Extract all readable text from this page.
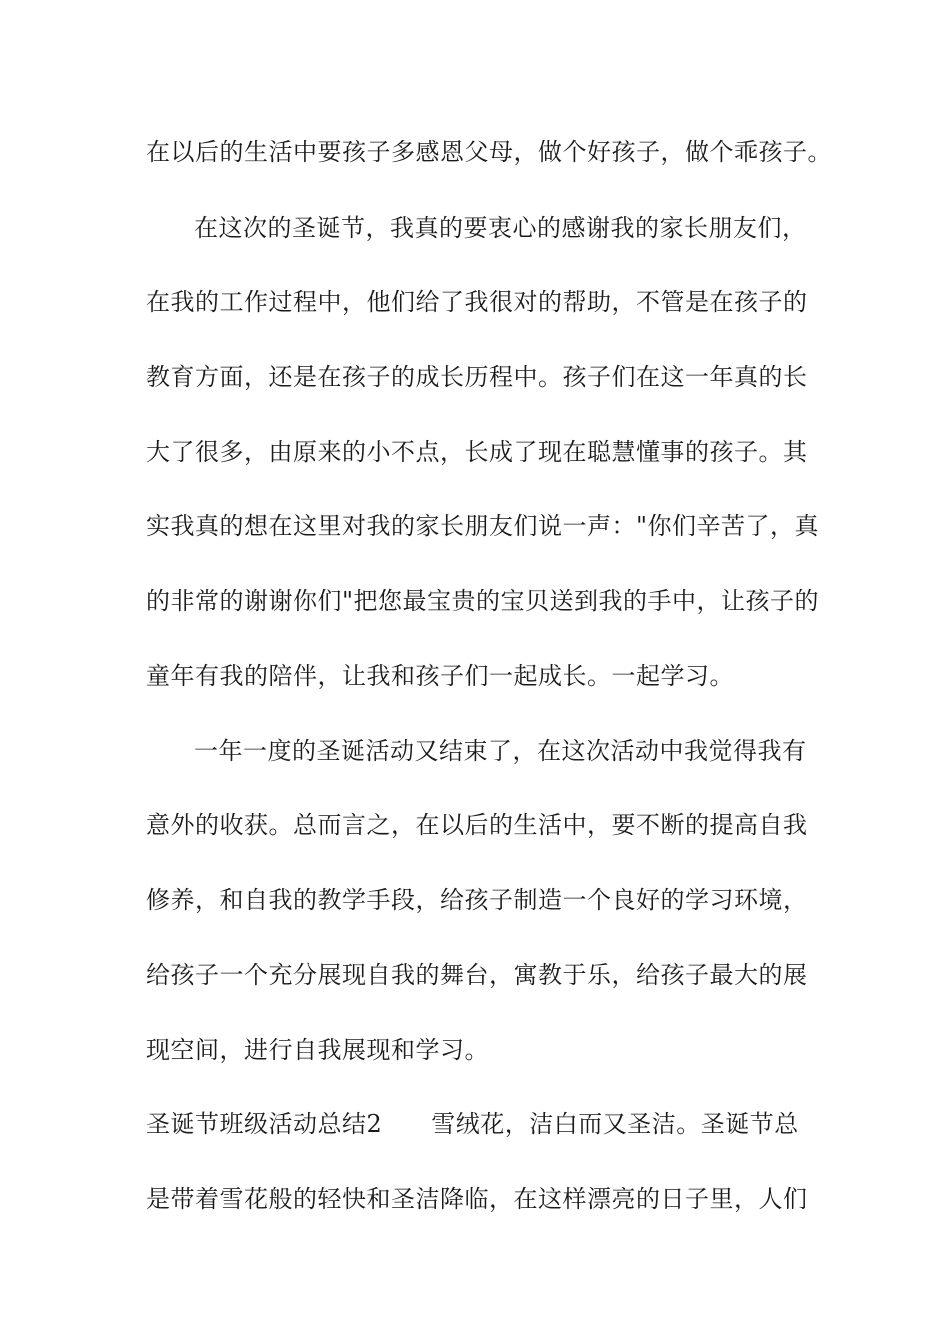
在以后的生活中要孩子多感恩父母，做个好孩子，做个乖孩子。
在这次的圣诞节，我真的要衷心的感谢我的家长朋友们，
在我的工作过程中，他们给了我很对的帮助，不管是在孩子的
教育方面，还是在孩子的成长历程中。孩子们在这一年真的长
大了很多，由原来的小不点，长成了现在聪慧懂事的孩子。其
实我真的想在这里对我的家长朋友们说一声："你们辛苦了，真
的非常的谢谢你们"把您最宝贵的宝贝送到我的手中，让孩子的
童年有我的陪伴，让我和孩子们一起成长。一起学习。
一年一度的圣诞活动又结束了，在这次活动中我觉得我有
意外的收获。总而言之，在以后的生活中，要不断的提高自我
修养，和自我的教学手段，给孩子制造一个良好的学习环境，
给孩子一个充分展现自我的舞台，寓教于乐，给孩子最大的展
现空间，进行自我展现和学习。
圣诞节班级活动总结2　　雪绒花，洁白而又圣洁。圣诞节总
是带着雪花般的轻快和圣洁降临，在这样漂亮的日子里，人们
